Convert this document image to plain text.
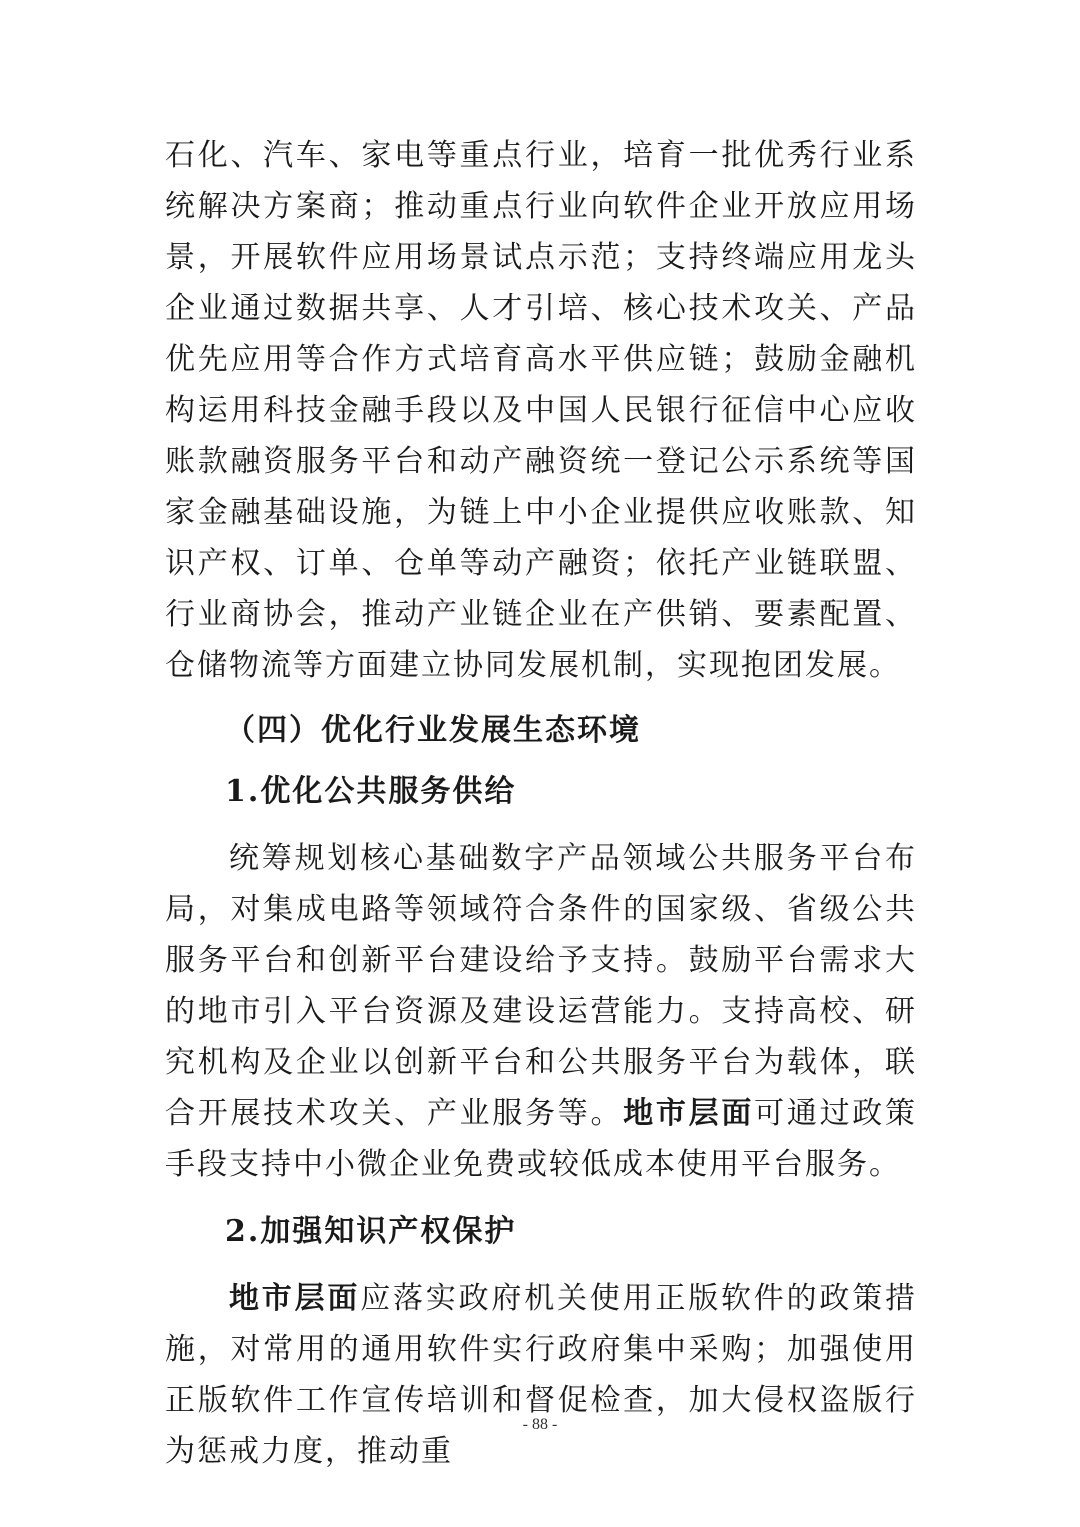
石化、汽车、家电等重点行业，培育一批优秀行业系统解决方案商；推动重点行业向软件企业开放应用场景，开展软件应用场景试点示范；支持终端应用龙头企业通过数据共享、人才引培、核心技术攻关、产品优先应用等合作方式培育高水平供应链；鼓励金融机构运用科技金融手段以及中国人民银行征信中心应收账款融资服务平台和动产融资统一登记公示系统等国家金融基础设施，为链上中小企业提供应收账款、知识产权、订单、仓单等动产融资；依托产业链联盟、行业商协会，推动产业链企业在产供销、要素配置、仓储物流等方面建立协同发展机制，实现抱团发展。

（四）优化行业发展生态环境

1.优化公共服务供给

统筹规划核心基础数字产品领域公共服务平台布局，对集成电路等领域符合条件的国家级、省级公共服务平台和创新平台建设给予支持。鼓励平台需求大的地市引入平台资源及建设运营能力。支持高校、研究机构及企业以创新平台和公共服务平台为载体，联合开展技术攻关、产业服务等。地市层面可通过政策手段支持中小微企业免费或较低成本使用平台服务。

2.加强知识产权保护

地市层面应落实政府机关使用正版软件的政策措施，对常用的通用软件实行政府集中采购；加强使用正版软件工作宣传培训和督促检查，加大侵权盗版行为惩戒力度，推动重

- 88 -
